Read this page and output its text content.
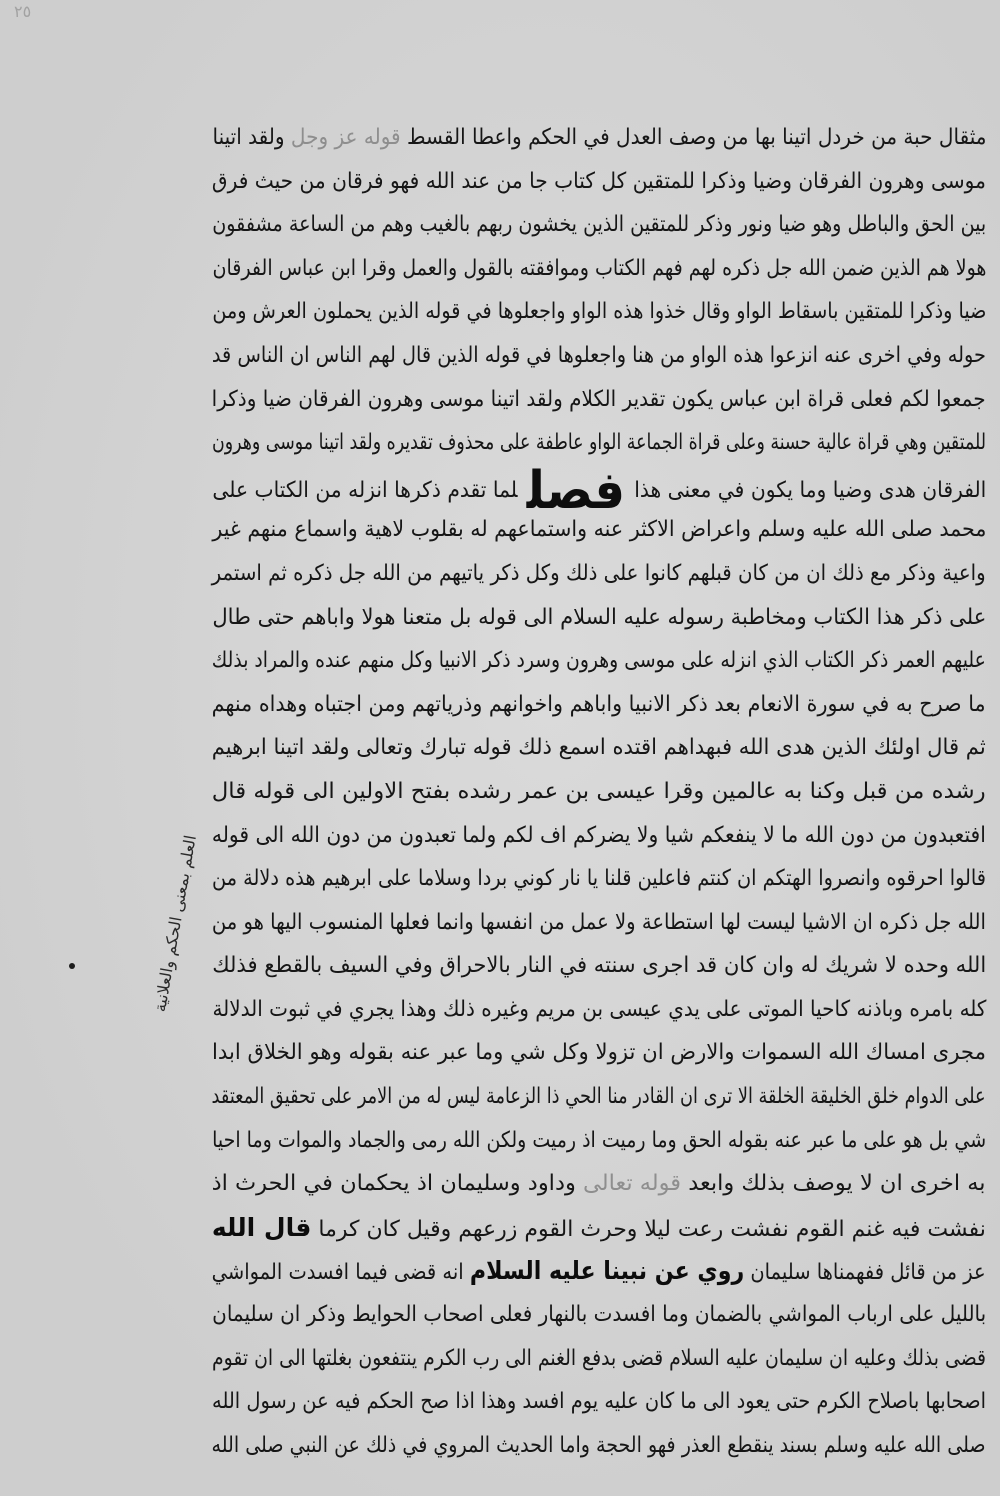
٢٥
مثقال حبة من خردل اتينا بها من وصف العدل في الحكم واعطا القسط قوله عز وجل ولقد اتينا
موسى وهرون الفرقان وضيا وذكرا للمتقين كل كتاب جا من عند الله فهو فرقان من حيث فرق
بين الحق والباطل وهو ضيا ونور وذكر للمتقين الذين يخشون ربهم بالغيب وهم من الساعة مشفقون
هولا هم الذين ضمن الله جل ذكره لهم فهم الكتاب وموافقته بالقول والعمل وقرا ابن عباس الفرقان
ضيا وذكرا للمتقين باسقاط الواو وقال خذوا هذه الواو واجعلوها في قوله الذين يحملون العرش ومن
حوله وفي اخرى عنه انزعوا هذه الواو من هنا واجعلوها في قوله الذين قال لهم الناس ان الناس قد
جمعوا لكم فعلى قراة ابن عباس يكون تقدير الكلام ولقد اتينا موسى وهرون الفرقان ضيا وذكرا
للمتقين وهي قراة عالية حسنة وعلى قراة الجماعة الواو عاطفة على محذوف تقديره ولقد اتينا موسى وهرون
الفرقان هدى وضيا وما يكون في معنى هذافصللما تقدم ذكرها انزله من الكتاب على
محمد صلى الله عليه وسلم واعراض الاكثر عنه واستماعهم له بقلوب لاهية واسماع منهم غير
واعية وذكر مع ذلك ان من كان قبلهم كانوا على ذلك وكل ذكر ياتيهم من الله جل ذكره ثم استمر
على ذكر هذا الكتاب ومخاطبة رسوله عليه السلام الى قوله بل متعنا هولا واباهم حتى طال
عليهم العمر ذكر الكتاب الذي انزله على موسى وهرون وسرد ذكر الانبيا وكل منهم عنده والمراد بذلك
ما صرح به في سورة الانعام بعد ذكر الانبيا واباهم واخوانهم وذرياتهم ومن اجتباه وهداه منهم
ثم قال اولئك الذين هدى الله فبهداهم اقتده اسمع ذلك قوله تبارك وتعالى ولقد اتينا ابرهيم
رشده من قبل وكنا به عالمين وقرا عيسى بن عمر رشده بفتح الاولين الى قوله قال
افتعبدون من دون الله ما لا ينفعكم شيا ولا يضركم اف لكم ولما تعبدون من دون الله الى قوله
قالوا احرقوه وانصروا الهتكم ان كنتم فاعلين قلنا يا نار كوني بردا وسلاما على ابرهيم هذه دلالة من
الله جل ذكره ان الاشيا ليست لها استطاعة ولا عمل من انفسها وانما فعلها المنسوب اليها هو من
الله وحده لا شريك له وان كان قد اجرى سنته في النار بالاحراق وفي السيف بالقطع فذلك
كله بامره وباذنه كاحيا الموتى على يدي عيسى بن مريم وغيره ذلك وهذا يجري في ثبوت الدلالة
مجرى امساك الله السموات والارض ان تزولا وكل شي وما عبر عنه بقوله وهو الخلاق ابدا
على الدوام خلق الخليقة الخلقة الا ترى ان القادر منا الحي ذا الزعامة ليس له من الامر على تحقيق المعتقد
شي بل هو على ما عبر عنه بقوله الحق وما رميت اذ رميت ولكن الله رمى والجماد والموات وما احيا
به اخرى ان لا يوصف بذلك وابعد قوله تعالى وداود وسليمان اذ يحكمان في الحرث اذ
نفشت فيه غنم القوم نفشت رعت ليلا وحرث القوم زرعهم وقيل كان كرما قال الله
عز من قائل ففهمناها سليمان روي عن نبينا عليه السلام انه قضى فيما افسدت المواشي
بالليل على ارباب المواشي بالضمان وما افسدت بالنهار فعلى اصحاب الحوايط وذكر ان سليمان
قضى بذلك وعليه ان سليمان عليه السلام قضى بدفع الغنم الى رب الكرم ينتفعون بغلتها الى ان تقوم
اصحابها باصلاح الكرم حتى يعود الى ما كان عليه يوم افسد وهذا اذا صح الحكم فيه عن رسول الله
صلى الله عليه وسلم بسند ينقطع العذر فهو الحجة واما الحديث المروي في ذلك عن النبي صلى الله
العلم بمعنى الحكم والعلانية
